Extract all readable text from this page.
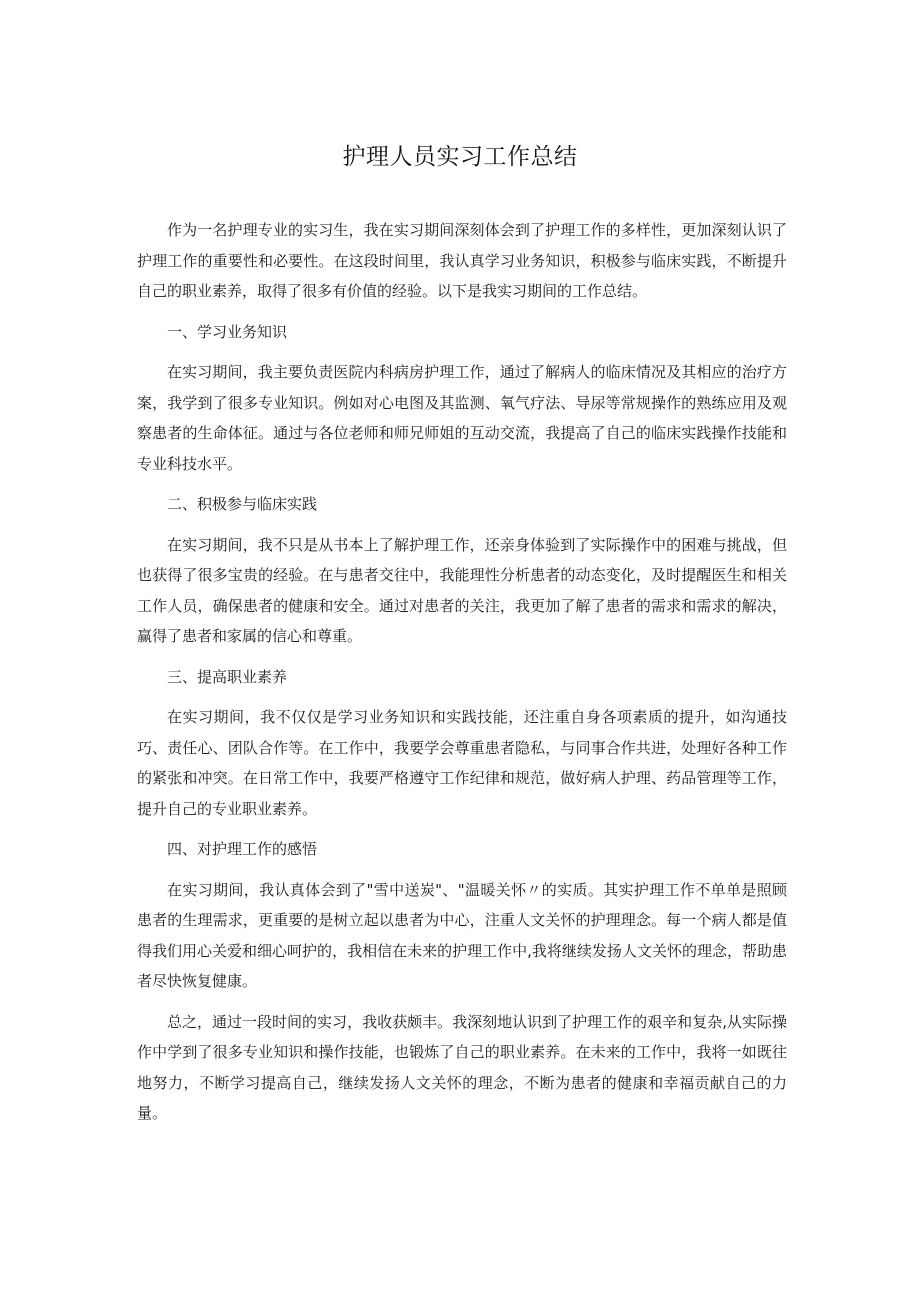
护理人员实习工作总结

作为一名护理专业的实习生，我在实习期间深刻体会到了护理工作的多样性，更加深刻认识了护理工作的重要性和必要性。在这段时间里，我认真学习业务知识，积极参与临床实践，不断提升自己的职业素养，取得了很多有价值的经验。以下是我实习期间的工作总结。

一、学习业务知识

在实习期间，我主要负责医院内科病房护理工作，通过了解病人的临床情况及其相应的治疗方案，我学到了很多专业知识。例如对心电图及其监测、氧气疗法、导尿等常规操作的熟练应用及观察患者的生命体征。通过与各位老师和师兄师姐的互动交流，我提高了自己的临床实践操作技能和专业科技水平。

二、积极参与临床实践

在实习期间，我不只是从书本上了解护理工作，还亲身体验到了实际操作中的困难与挑战，但也获得了很多宝贵的经验。在与患者交往中，我能理性分析患者的动态变化，及时提醒医生和相关工作人员，确保患者的健康和安全。通过对患者的关注，我更加了解了患者的需求和需求的解决，赢得了患者和家属的信心和尊重。

三、提高职业素养

在实习期间，我不仅仅是学习业务知识和实践技能，还注重自身各项素质的提升，如沟通技巧、责任心、团队合作等。在工作中，我要学会尊重患者隐私，与同事合作共进，处理好各种工作的紧张和冲突。在日常工作中，我要严格遵守工作纪律和规范，做好病人护理、药品管理等工作，提升自己的专业职业素养。

四、对护理工作的感悟

在实习期间，我认真体会到了"雪中送炭"、"温暖关怀〃的实质。其实护理工作不单单是照顾患者的生理需求，更重要的是树立起以患者为中心，注重人文关怀的护理理念。每一个病人都是值得我们用心关爱和细心呵护的，我相信在未来的护理工作中,我将继续发扬人文关怀的理念，帮助患者尽快恢复健康。

总之，通过一段时间的实习，我收获颇丰。我深刻地认识到了护理工作的艰辛和复杂,从实际操作中学到了很多专业知识和操作技能，也锻炼了自己的职业素养。在未来的工作中，我将一如既往地努力，不断学习提高自己，继续发扬人文关怀的理念，不断为患者的健康和幸福贡献自己的力量。
